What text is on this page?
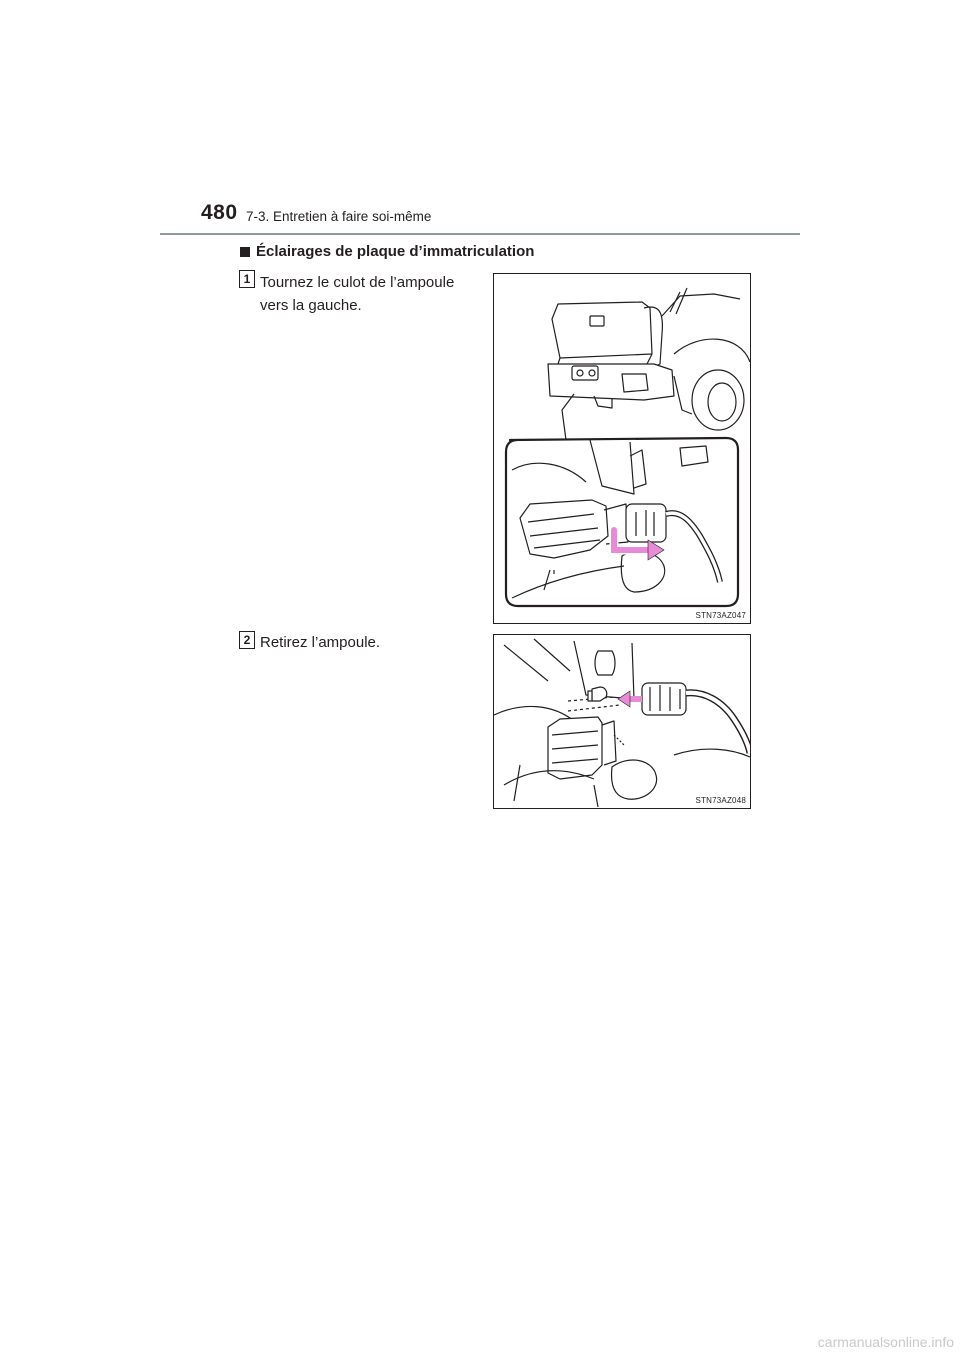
480 7-3. Entretien à faire soi-même
Éclairages de plaque d’immatriculation
1 Tournez le culot de l’ampoule vers la gauche.
STN73AZ047
2 Retirez l’ampoule.
STN73AZ048
carmanualsonline.info
